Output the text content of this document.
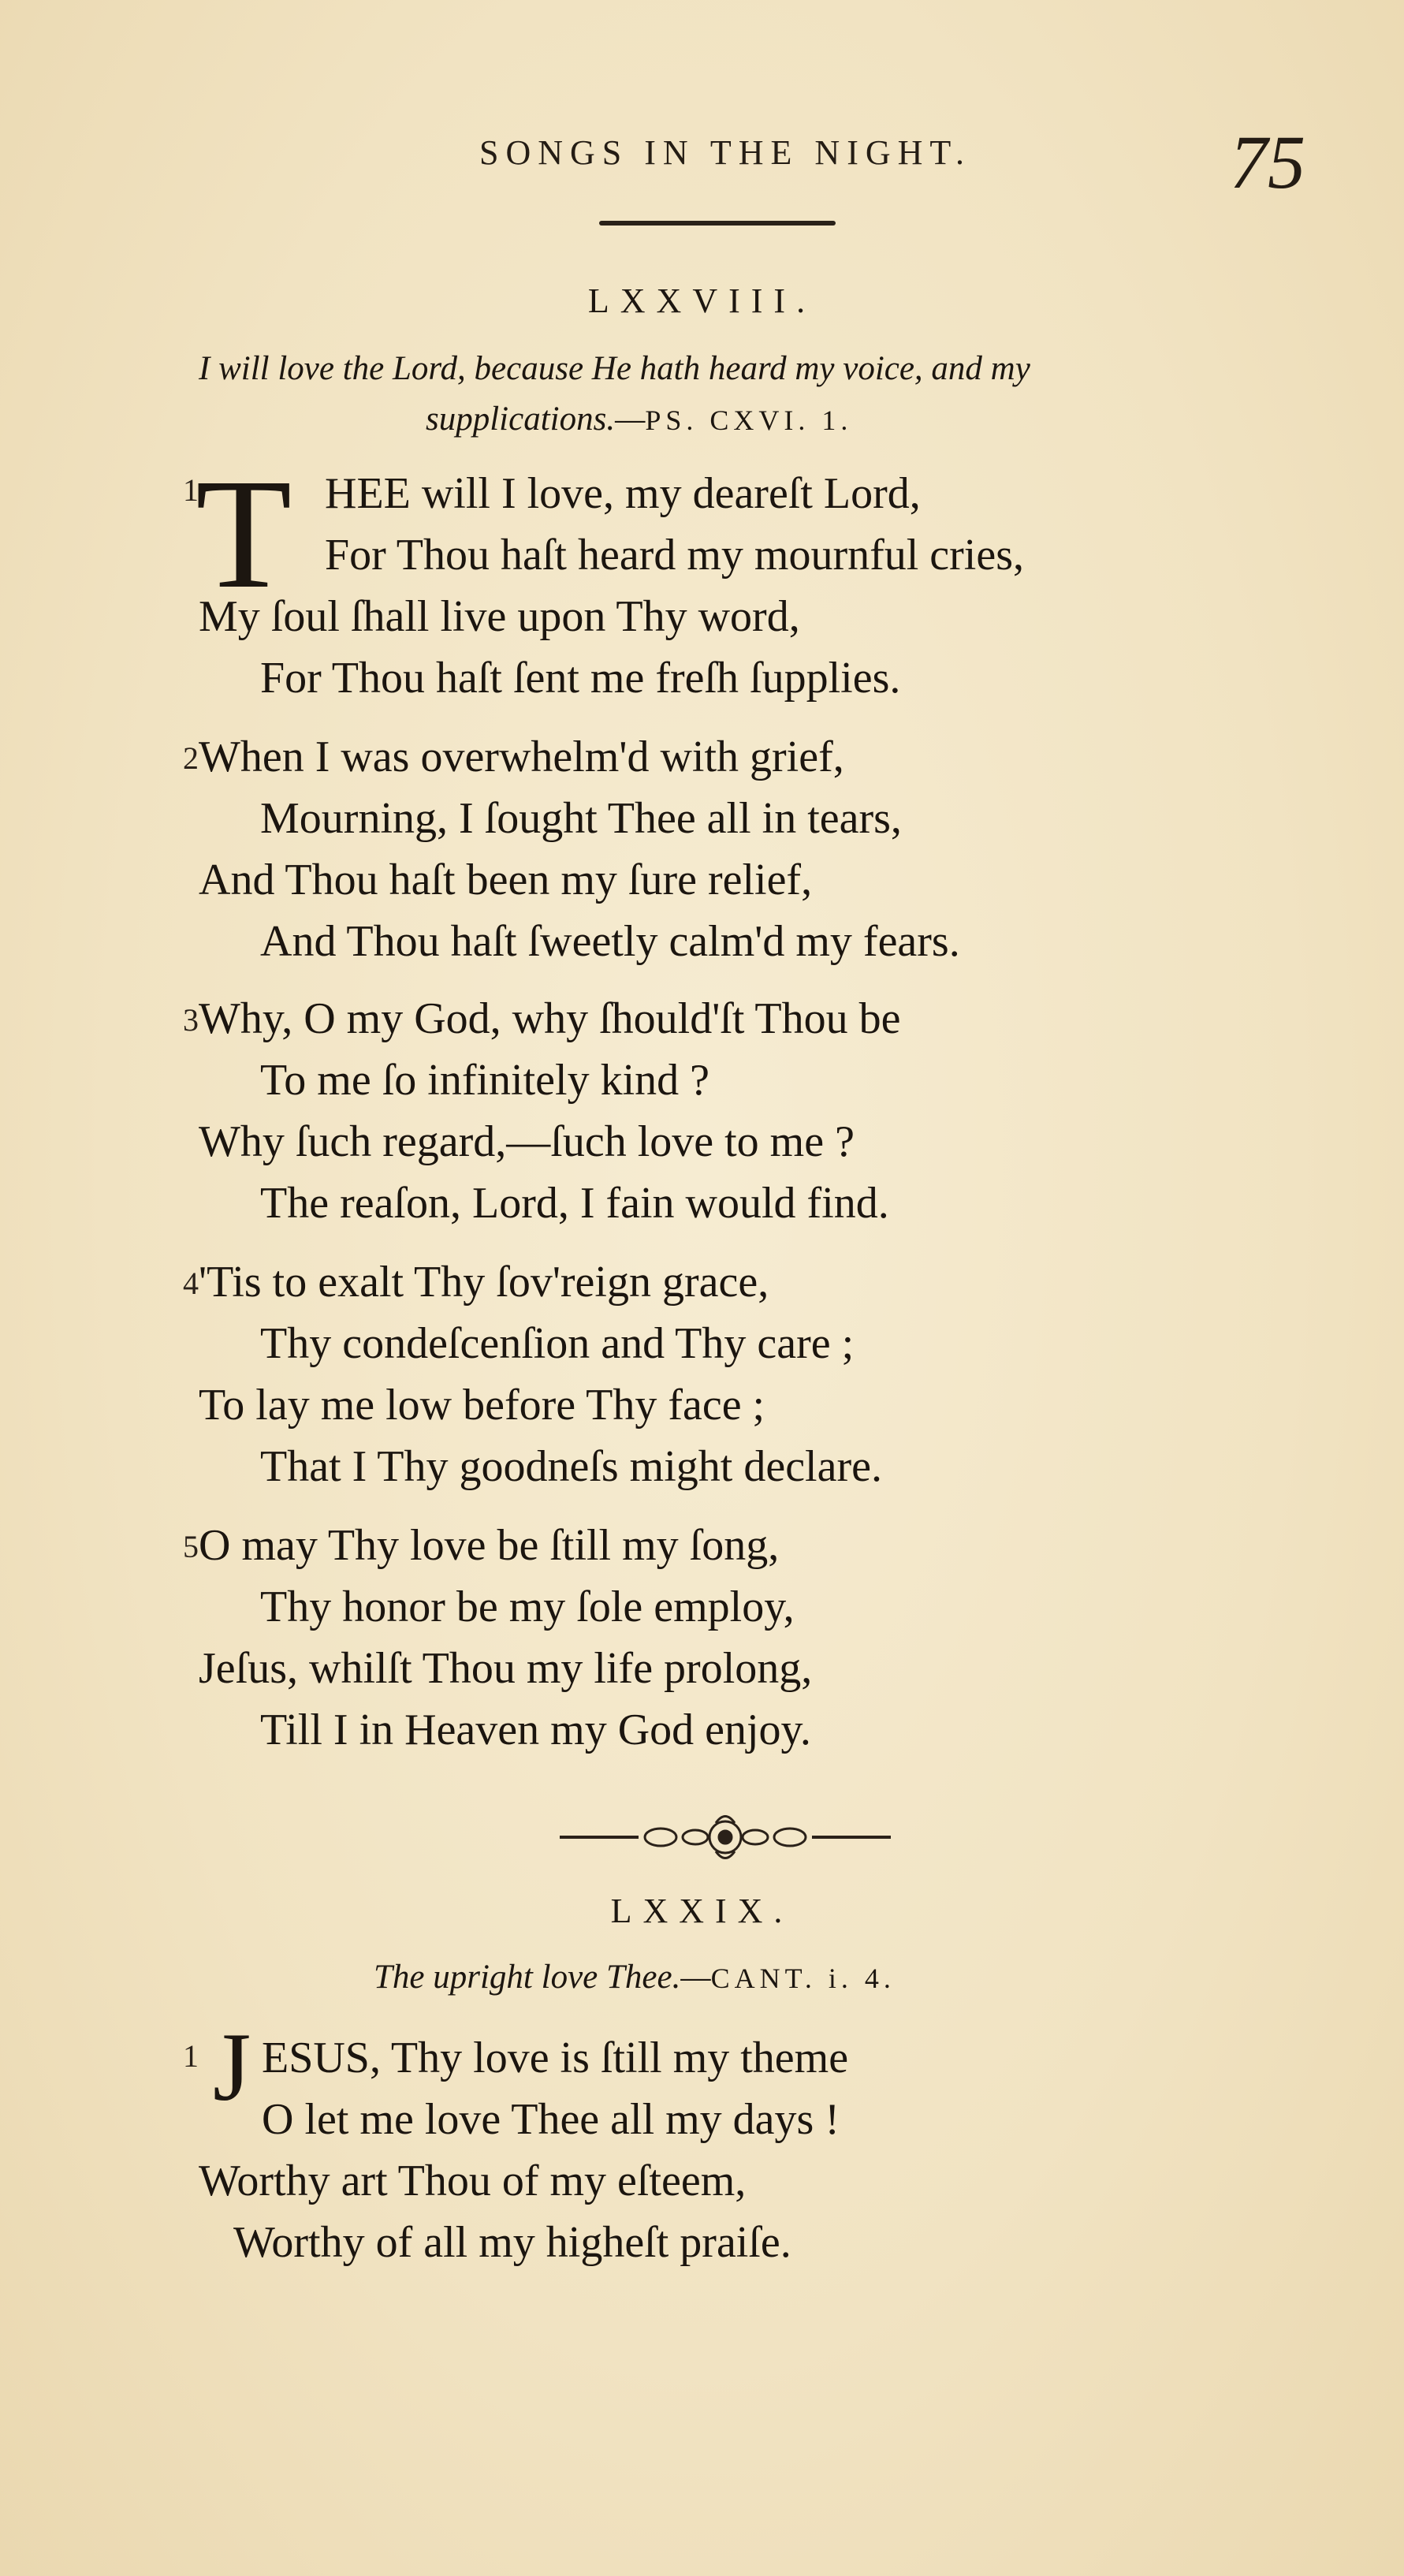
SONGS IN THE NIGHT.	75
LXXVIII.
I will love the Lord, because He hath heard my voice, and my
supplications.—PS. CXVI. 1.
1
T HEE will I love, my deareſt Lord,
For Thou haſt heard my mournful cries,
My ſoul ſhall live upon Thy word,
For Thou haſt ſent me freſh ſupplies.
2 When I was overwhelm'd with grief,
Mourning, I ſought Thee all in tears,
And Thou haſt been my ſure relief,
And Thou haſt ſweetly calm'd my fears.
3 Why, O my God, why ſhould'ſt Thou be
To me ſo infinitely kind ?
Why ſuch regard,—ſuch love to me ?
The reaſon, Lord, I fain would find.
4 'Tis to exalt Thy ſov'reign grace,
Thy condeſcenſion and Thy care ;
To lay me low before Thy face ;
That I Thy goodneſs might declare.
5 O may Thy love be ſtill my ſong,
Thy honor be my ſole employ,
Jeſus, whilſt Thou my life prolong,
Till I in Heaven my God enjoy.
LXXIX.
The upright love Thee.—CANT. i. 4.
1 J ESUS, Thy love is ſtill my theme
O let me love Thee all my days !
Worthy art Thou of my eſteem,
Worthy of all my higheſt praiſe.
